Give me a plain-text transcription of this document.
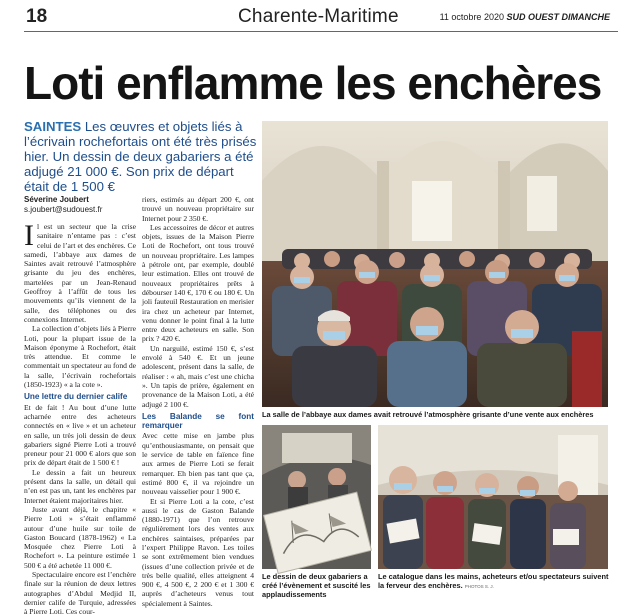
18	Charente-Maritime	11 octobre 2020 SUD OUEST DIMANCHE
Loti enflamme les enchères
SAINTES Les œuvres et objets liés à l’écrivain rochefortais ont été très prisés hier. Un dessin de deux gabariers a été adjugé 21 000 €. Son prix de départ était de 1 500 €
Séverine Joubert
s.joubert@sudouest.fr

Il est un secteur que la crise sanitaire n’entame pas : c’est celui de l’art et des enchères. Ce samedi, l’abbaye aux dames de Saintes avait retrouvé l’atmosphère grisante du jeu des enchères, martelées par un Jean-Renaud Geoffroy à l’affût de tous les mouvements qu’ils viennent de la salle, des téléphones ou des connexions Internet.

La collection d’objets liés à Pierre Loti, pour la plupart issue de la Maison éponyme à Rochefort, était très attendue. Et comme le commentait un spectateur au fond de la salle, l’écrivain rochefortais (1850-1923) « a la cote ».

Une lettre du dernier calife

Et de fait ! Au bout d’une lutte acharnée entre des acheteurs connectés en « live » et un acheteur en salle, un très joli dessin de deux gabariers signé Pierre Loti a trouvé preneur pour 21 000 € alors que son prix de départ était de 1 500 € !

Le dessin a fait un heureux présent dans la salle, un détail qui n’en est pas un, tant les enchères par Internet étaient majoritaires hier.

Juste avant déjà, le chapitre « Pierre Loti » s’était enflammé autour d’une huile sur toile de Gaston Boucard (1878-1962) « La Mosquée chez Pierre Loti à Rochefort ». La peinture estimée 1 500 € a été achetée 11 000 €.

Spectaculaire encore est l’enchère finale sur la réunion de deux lettres autographes d’Abdul Medjid II, dernier calife de Turquie, adressées à Pierre Loti. Ces cour-

riers, estimés au départ 200 €, ont trouvé un nouveau propriétaire sur Internet pour 2 350 €.

Les accessoires de décor et autres objets, issues de la Maison Pierre Loti de Rochefort, ont tous trouvé un nouveau propriétaire. Les lampes à pétrole ont, par exemple, doublé leur estimation. Elles ont trouvé de nouveaux propriétaires prêts à débourser 140 €, 170 € ou 180 €. Un joli fauteuil Restauration en merisier ira chez un acheteur par Internet, venu donner le point final à la lutte entre deux acheteurs en salle. Son prix ? 420 €.

Un narguilé, estimé 150 €, s’est envolé à 540 €. Et un jeune adolescent, présent dans la salle, de réaliser : « ah, mais c’est une chicha ». Un tapis de prière, également en provenance de la Maison Loti, a été adjugé 2 100 €.

Les Balande se font remarquer

Avec cette mise en jambe plus qu’enthousiasmante, on pensait que le service de table en faïence fine aux armes de Pierre Loti se ferait remarquer. Eh bien pas tant que ça, estimé 800 €, il va rejoindre un nouveau vaisselier pour 1 900 €.

Et si Pierre Loti a la cote, c’est aussi le cas de Gaston Balande (1880-1971) que l’on retrouve régulièrement lors des ventes aux enchères saintaises, préparées par l’expert Philippe Ravon. Les toiles se sont extrêmement bien vendues (issues d’une collection privée et de très belle qualité, elles atteignent 4 900 €, 4 500 €, 2 200 € et 1 300 € auprès d’acheteurs venus tout spécialement à Saintes.

La salle de l’abbaye aux dames avait retrouvé l’atmosphère grisante d’une vente aux enchères
Le dessin de deux gabariers a créé l’évènement et suscité les applaudissements
Le catalogue dans les mains, acheteurs et/ou spectateurs suivent la ferveur des enchères. PHOTOS S. J.
